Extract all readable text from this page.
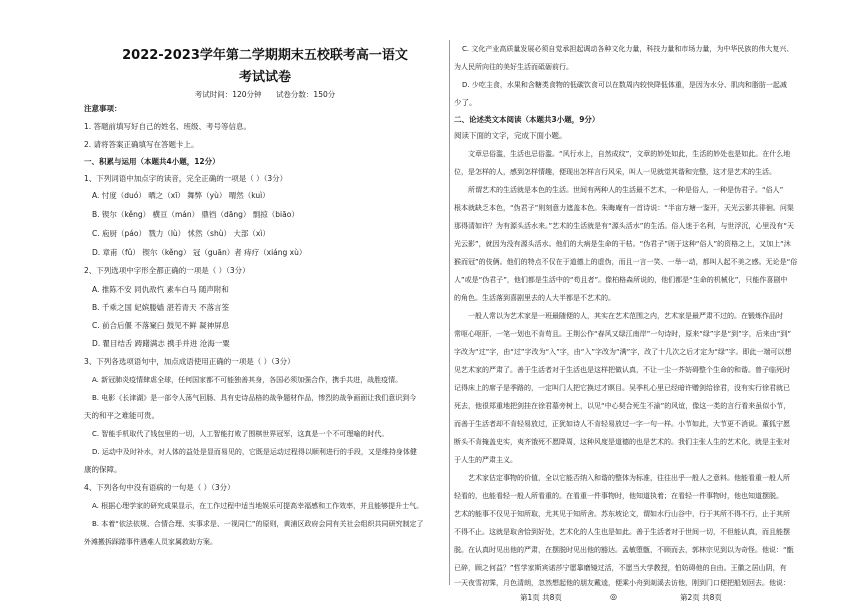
2022-2023学年第二学期期末五校联考高一语文
考试试卷
考试时间：120分钟 试卷分数：150分
注意事项：
1. 答题前填写好自己的姓名、班级、考号等信息。
2. 请将答案正确填写在答题卡上。
一、积累与运用（本题共4小题，12分）
1、下列词语中加点字的读音，完全正确的一项是（ ）（3分）
A. 忖度（duó） 晒之（xī） 舞弊（yù） 喟然（kuì）
B. 锲尔（kěng） 横亘（mán） 鼎铛（dāng） 剽掠（biāo）
C. 庖厨（páo） 戮力（lù） 怵然（shù） 大部（xì）
D. 章甫（fǔ） 锲尔（kěng） 冠（guān）者 痔疗（xiáng xù）
2、下列选项中字形全都正确的一项是（ ）（3分）
A. 推陈不安 同仇敌忾 素车白马 随声附和
B. 千乘之国 妃嫔媵嫱 湛若青天 不落言筌
C. 前合后偃 不落窠臼 鼓见不鲜 凝神屏息
D. 瞿目结舌 踌躇满志 携手并进 沧海一粟
3、下列各选项语句中，加点成语使用正确的一项是（ ）（3分）
A. 新冠肺炎疫情肆虐全球，任何国家都不可能独善其身，各国必须加强合作，携手共进，战胜疫情。
B. 电影《长津湖》是一部令人荡气回肠、具有史诗品格的战争题材作品，惨烈的战争画面让我们意识到今
天的和平之难能可贵。
C. 智能手机取代了钱包里的一切，人工智能打败了围棋世界冠军，这真是一个不可理喻的时代。
D. 运动中及时补水，对人体的益处是显而易见的，它既是运动过程得以顺利进行的手段，又是维持身体健
康的保障。
4、下列各句中没有语病的一句是（ ）（3分）
A. 根据心理学家的研究成果显示，在工作过程中适当地娱乐可提高幸福感和工作效率，并且能够提升士气。
B. 本着“依法依规、合情合理、实事求是、一视同仁”的原则，黄浦区政府会同有关社会组织共同研究制定了
外滩搬拆踩踏事件遇难人员家属救助方案。
C. 文化产业高质量发展必须自觉承担起调动各种文化力量，科技力量和市场力量，为中华民族的伟大复兴、
为人民所向往的美好生活而砥砺前行。
D. 少吃主食，水果和含糖类食物的低碳饮食可以在数周内较快降低体重，是因为水分、肌肉和脂肪一起减
少了。
二、论述类文本阅读（本题共3小题，9分）
阅读下面的文字，完成下面小题。
文章忌俗滥，生活也忌俗滥。“风行水上，自然成纹”，文章的妙处如此，生活的妙处也是如此。在什么地
位，是怎样的人，感到怎样情趣，便现出怎样言行风采，叫人一见就觉其谐和完整，这才是艺术的生活。
所谓艺术的生活就是本色的生活。世间有两种人的生活最不艺术，一种是俗人，一种是伪君子。“俗人”
根本就缺乏本色，“伪君子”则刻意力遮盖本色。朱晦庵有一首诗说：“半亩方塘一鉴开，天光云影共徘徊。问渠
那得清如许？为有源头活水来。”艺术的生活就是有“源头活水”的生活。俗人迷于名利，与世浮沉，心里没有“天
光云影”，就因为没有源头活水。他们的大病是生命的干枯。“伪君子”则于这种“俗人”的资格之上，又加上“沐
猴而冠”的伎俩。他们的特点不仅在于道德上的虚伪，而且一言一笑、一举一动，都叫人起不美之感。无论是“俗
人”或是“伪君子”，他们都是生活中的“苟且者”。像柏格森所说的，他们都是“生命的机械化”，只能作喜剧中
的角色。生活落到喜剧里去的人大半都是不艺术的。
一般人常以为艺术家是一班最随便的人，其实在艺术范围之内，艺术家是最严肃不过的。在锻炼作品时
常呕心呕肝，一笔一划也不肯苟且。王荆公作“春风又绿江南岸”一句诗时，原来“绿”字是“到”字，后来由“到”
字改为“过”字，由“过”字改为“入”字，由“入”字改为“满”字，改了十几次之后才定为“绿”字。即此一端可以想
见艺术家的严肃了。善于生活者对于生活也是这样把做认真，不让一尘一芥妨碍整个生命的和谐。曾子临死时
记得床上的席子是季路的，一定叫门人把它换过才瞑目。吴季札心里已经暗许赠剑给徐君，没有实行徐君就已
死去，他很郑重地把剑挂在徐君墓旁树上，以见“中心契合死生不渝”的风谊，像这一类的言行看来虽似小节，
而善于生活者却不肯轻易放过，正犹如诗人不肯轻易放过一字一句一样。小节如此，大节更不消说。董狐宁愿
断头不肯掩盖史实，夷齐饿死不愿降周，这种风度是道德的也是艺术的。我们主张人生的艺术化，就是主张对
于人生的严肃主义。
艺术家估定事物的价值，全以它能否纳入和谐的整体为标准，往往出乎一般人之意料。他能看重一般人所
轻看的，也能看轻一般人所看重的。在看重一件事物时，他知道执着；在看轻一件事物时，他也知道摆脱。
艺术的能事不仅见于知所取，尤其见于知所舍。苏东坡论文，谓如水行山谷中，行于其所不得不行，止于其所
不得不止。这就是取舍恰到好处，艺术化的人生也是如此。善于生活者对于世间一切，不但能认真，而且能摆
脱。在认真时见出他的严肃，在摆脱时见出他的豁达。孟敏堕甑，不顾而去，郭林宗见到以为奇怪。他说：“甑
已碎，顾之何益？”哲学家斯宾诺莎宁愿靠磨镜过活，不愿当大学教授，怕妨碍他的自由。王徽之居山阴，有
一天夜雪初霁，月色清朗，忽然想起他的朋友戴逵，便乘小舟到剡溪去访他，刚到门口便把船划回去。他说：
第1页 共8页	◎	第2页 共8页
